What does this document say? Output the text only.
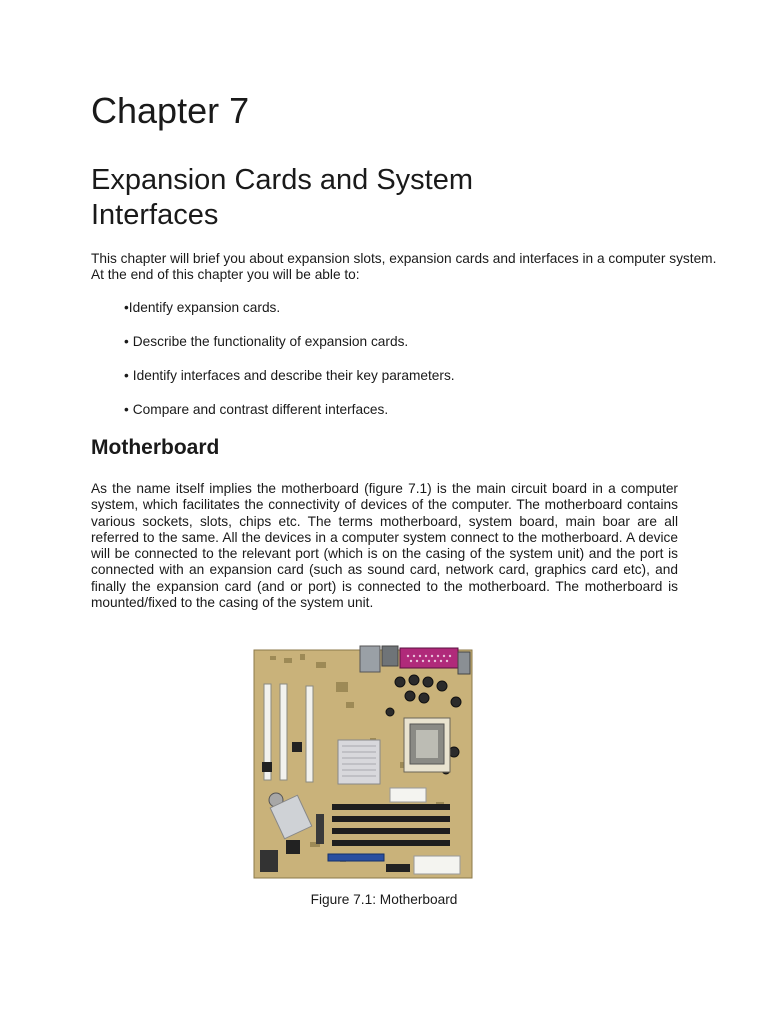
Chapter 7
Expansion Cards and System
Interfaces

This chapter will brief you about expansion slots, expansion cards and interfaces in a computer system.
At the end of this chapter you will be able to:

•Identify expansion cards.
• Describe the functionality of expansion cards.
• Identify interfaces and describe their key parameters.
• Compare and contrast different interfaces.
Motherboard

As the name itself implies the motherboard (figure 7.1) is the main circuit board in a computer system, which facilitates the connectivity of devices of the computer. The motherboard contains various sockets, slots, chips etc. The terms motherboard, system board, main boar are all referred to the same. All the devices in a computer system connect to the motherboard. A device will be connected to the relevant port (which is on the casing of the system unit) and the port is connected with an expansion card (such as sound card, network card, graphics card etc), and finally the expansion card (and or port) is connected to the motherboard. The motherboard is mounted/fixed to the casing of the system unit.

Figure 7.1: Motherboard
